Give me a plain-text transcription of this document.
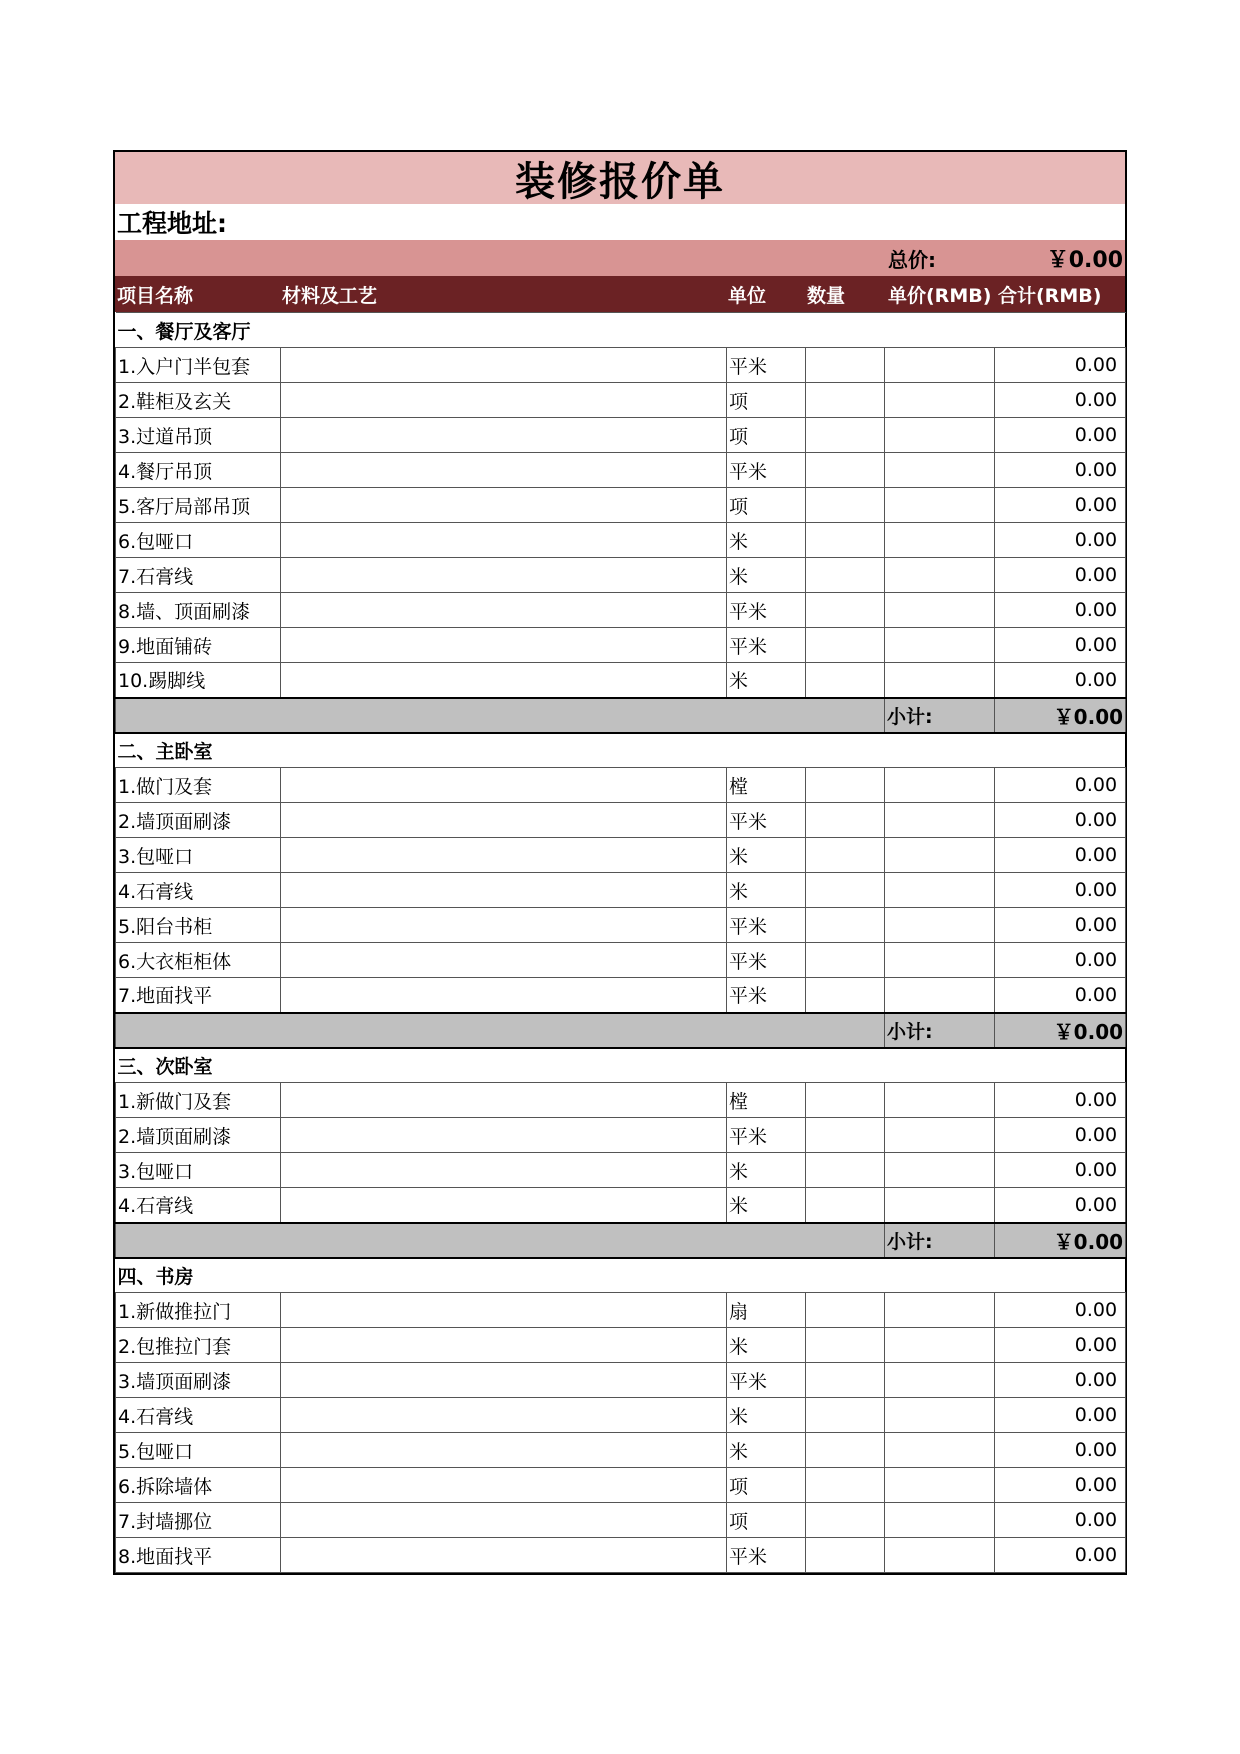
装修报价单
工程地址:
总价:	￥0.00
项目名称	材料及工艺	单位 数量 单价(RMB) 合计(RMB)
一、餐厅及客厅					
1.入户门半包套		平米			0.00
2.鞋柜及玄关		项			0.00
3.过道吊顶		项			0.00
4.餐厅吊顶		平米			0.00
5.客厅局部吊顶		项			0.00
6.包哑口		米			0.00
7.石膏线		米			0.00
8.墙、顶面刷漆		平米			0.00
9.地面铺砖		平米			0.00
10.踢脚线		米			0.00
				小计:	￥0.00
二、主卧室					
1.做门及套		樘			0.00
2.墙顶面刷漆		平米			0.00
3.包哑口		米			0.00
4.石膏线		米			0.00
5.阳台书柜		平米			0.00
6.大衣柜柜体		平米			0.00
7.地面找平		平米			0.00
				小计:	￥0.00
三、次卧室					
1.新做门及套		樘			0.00
2.墙顶面刷漆		平米			0.00
3.包哑口		米			0.00
4.石膏线		米			0.00
				小计:	￥0.00
四、书房					
1.新做推拉门		扇			0.00
2.包推拉门套		米			0.00
3.墙顶面刷漆		平米			0.00
4.石膏线		米			0.00
5.包哑口		米			0.00
6.拆除墙体		项			0.00
7.封墙挪位		项			0.00
8.地面找平		平米			0.00
